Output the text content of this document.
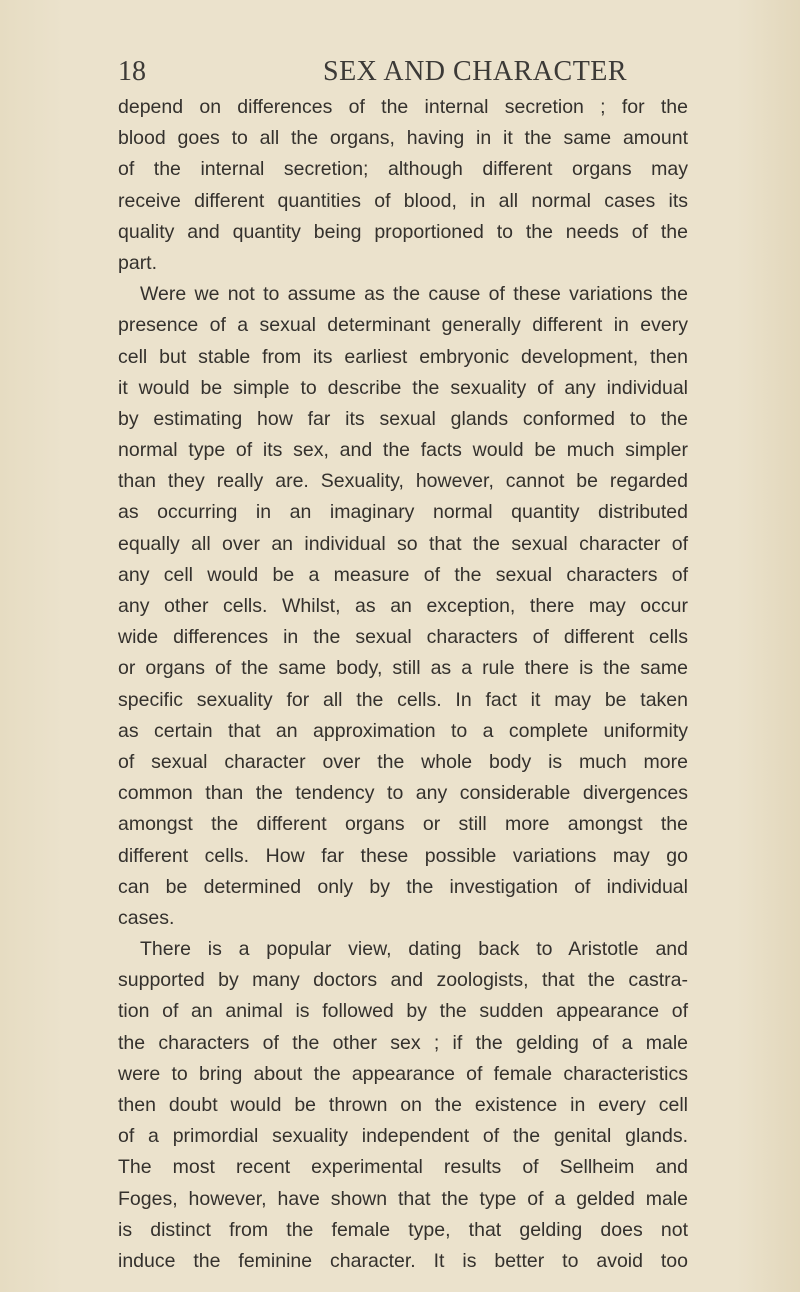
18	SEX AND CHARACTER
depend on differences of the internal secretion ; for the
blood goes to all the organs, having in it the same amount
of the internal secretion; although different organs may
receive different quantities of blood, in all normal cases its
quality and quantity being proportioned to the needs of the
part.
Were we not to assume as the cause of these variations the
presence of a sexual determinant generally different in every
cell but stable from its earliest embryonic development, then
it would be simple to describe the sexuality of any individual
by estimating how far its sexual glands conformed to the
normal type of its sex, and the facts would be much simpler
than they really are. Sexuality, however, cannot be regarded
as occurring in an imaginary normal quantity distributed
equally all over an individual so that the sexual character of
any cell would be a measure of the sexual characters of
any other cells. Whilst, as an exception, there may occur
wide differences in the sexual characters of different cells
or organs of the same body, still as a rule there is the same
specific sexuality for all the cells. In fact it may be taken
as certain that an approximation to a complete uniformity
of sexual character over the whole body is much more
common than the tendency to any considerable divergences
amongst the different organs or still more amongst the
different cells. How far these possible variations may go
can be determined only by the investigation of individual
cases.
There is a popular view, dating back to Aristotle and
supported by many doctors and zoologists, that the castra-
tion of an animal is followed by the sudden appearance of
the characters of the other sex ; if the gelding of a male
were to bring about the appearance of female characteristics
then doubt would be thrown on the existence in every cell
of a primordial sexuality independent of the genital glands.
The most recent experimental results of Sellheim and
Foges, however, have shown that the type of a gelded male
is distinct from the female type, that gelding does not
induce the feminine character. It is better to avoid too
